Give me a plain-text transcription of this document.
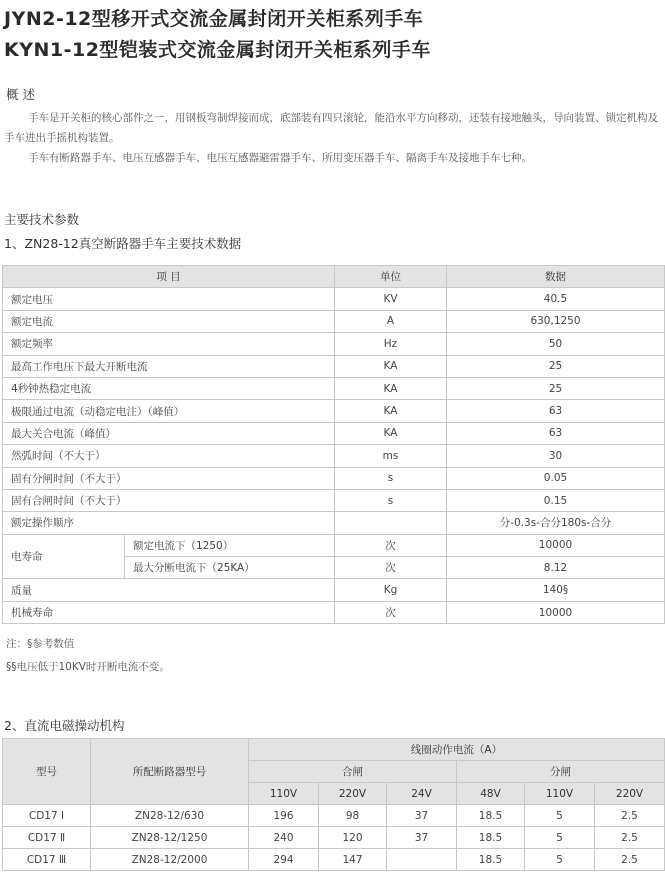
JYN2-12型移开式交流金属封闭开关柜系列手车
KYN1-12型铠装式交流金属封闭开关柜系列手车
概 述
手车是开关柜的核心部件之一，用钢板弯制焊接而成，底部装有四只滚轮，能沿水平方向移动，还装有接地触头，导向装置、锁定机构及手车进出手摇机构装置。
手车有断路器手车、电压互感器手车、电压互感器避雷器手车、所用变压器手车、隔离手车及接地手车七种。
主要技术参数
1、ZN28-12真空断路器手车主要技术数据
项 目		单位	数据
额定电压		KV	40.5
额定电流		A	630,1250
额定频率		Hz	50
最高工作电压下最大开断电流		KA	25
4秒钟热稳定电流		KA	25
极限通过电流（动稳定电注）（峰值）		KA	63
最大关合电流（峰值）		KA	63
然弧时间（不大于）		ms	30
固有分闸时间（不大于）		s	0.05
固有合闸时间（不大于）		s	0.15
额定操作顺序			分-0.3s-合分180s-合分
电寿命	额定电流下（1250）	次	10000
	最大分断电流下（25KA）	次	8.12
质量		Kg	140§
机械寿命		次	10000
注：§参考数值
§§电压低于10KV时开断电流不变。
2、直流电磁操动机构
型号	所配断路器型号	线圈动作电流（A）					
		合闸			分闸		
		110V	220V	24V	48V	110V	220V
CD17 Ⅰ	ZN28-12/630	196	98	37	18.5	5	2.5
CD17 Ⅱ	ZN28-12/1250	240	120	37	18.5	5	2.5
CD17 Ⅲ	ZN28-12/2000	294	147		18.5	5	2.5
